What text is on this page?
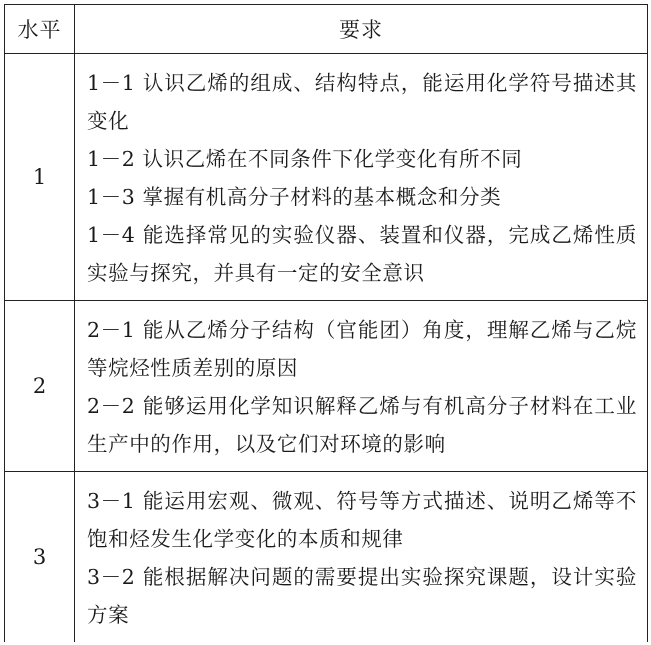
水平	要求
1	1－1 认识乙烯的组成、结构特点，能运用化学符号描述其变化
1－2 认识乙烯在不同条件下化学变化有所不同
1－3 掌握有机高分子材料的基本概念和分类
1－4 能选择常见的实验仪器、装置和仪器，完成乙烯性质实验与探究，并具有一定的安全意识

2	2－1 能从乙烯分子结构（官能团）角度，理解乙烯与乙烷等烷烃性质差别的原因
2－2 能够运用化学知识解释乙烯与有机高分子材料在工业生产中的作用，以及它们对环境的影响

3	3－1 能运用宏观、微观、符号等方式描述、说明乙烯等不饱和烃发生化学变化的本质和规律
3－2 能根据解决问题的需要提出实验探究课题，设计实验方案
